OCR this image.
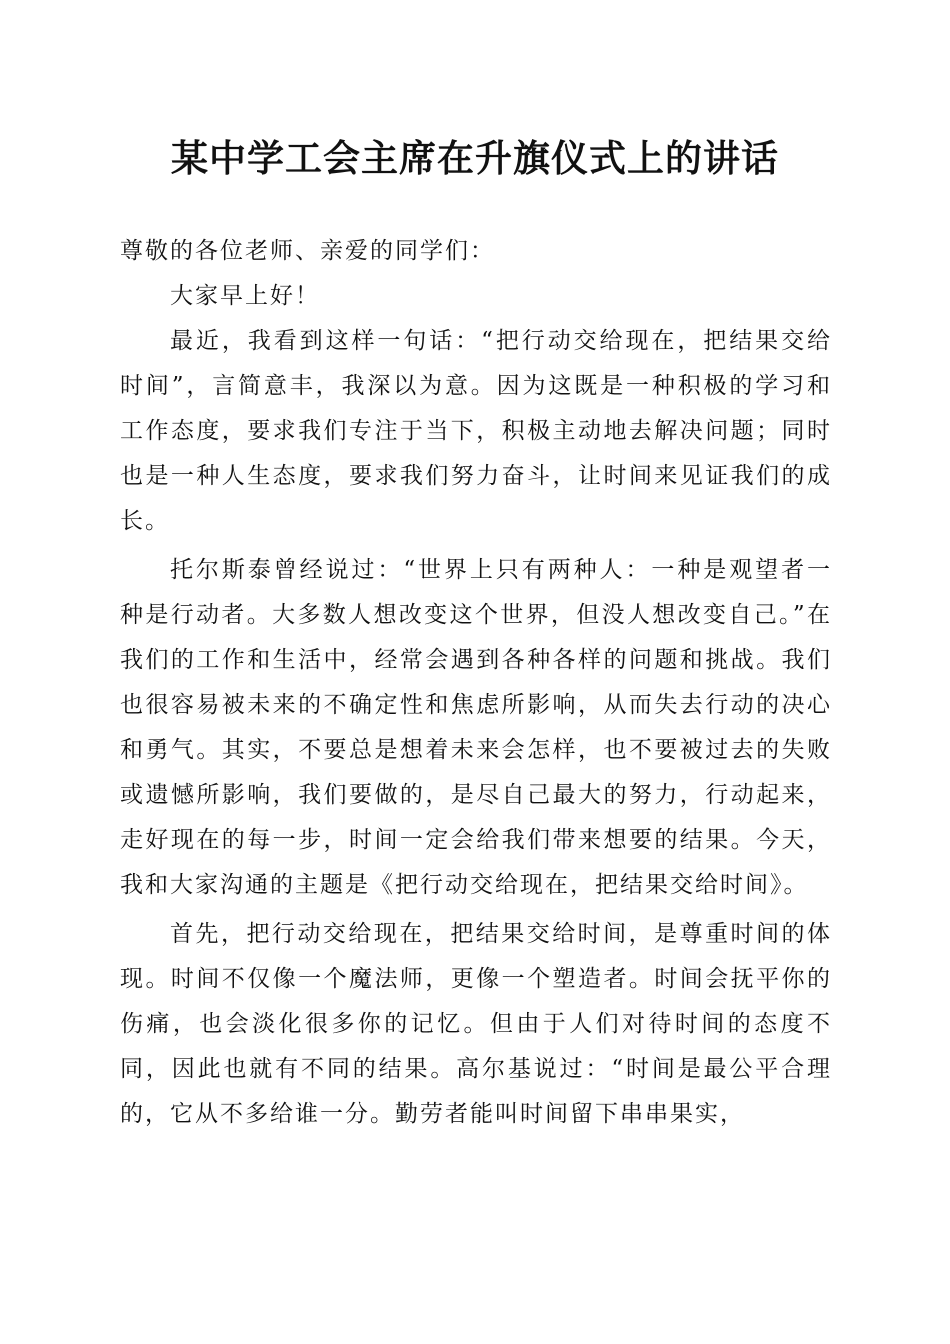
某中学工会主席在升旗仪式上的讲话

尊敬的各位老师、亲爱的同学们：

大家早上好！

最近，我看到这样一句话：“把行动交给现在，把结果交给时间”，言简意丰，我深以为意。因为这既是一种积极的学习和工作态度，要求我们专注于当下，积极主动地去解决问题；同时也是一种人生态度，要求我们努力奋斗，让时间来见证我们的成长。

托尔斯泰曾经说过：“世界上只有两种人：一种是观望者一种是行动者。大多数人想改变这个世界，但没人想改变自己。”在我们的工作和生活中，经常会遇到各种各样的问题和挑战。我们也很容易被未来的不确定性和焦虑所影响，从而失去行动的决心和勇气。其实，不要总是想着未来会怎样，也不要被过去的失败或遗憾所影响，我们要做的，是尽自己最大的努力，行动起来，走好现在的每一步，时间一定会给我们带来想要的结果。今天，我和大家沟通的主题是《把行动交给现在，把结果交给时间》。

首先，把行动交给现在，把结果交给时间，是尊重时间的体现。时间不仅像一个魔法师，更像一个塑造者。时间会抚平你的伤痛，也会淡化很多你的记忆。但由于人们对待时间的态度不同，因此也就有不同的结果。高尔基说过：“时间是最公平合理的，它从不多给谁一分。勤劳者能叫时间留下串串果实，
